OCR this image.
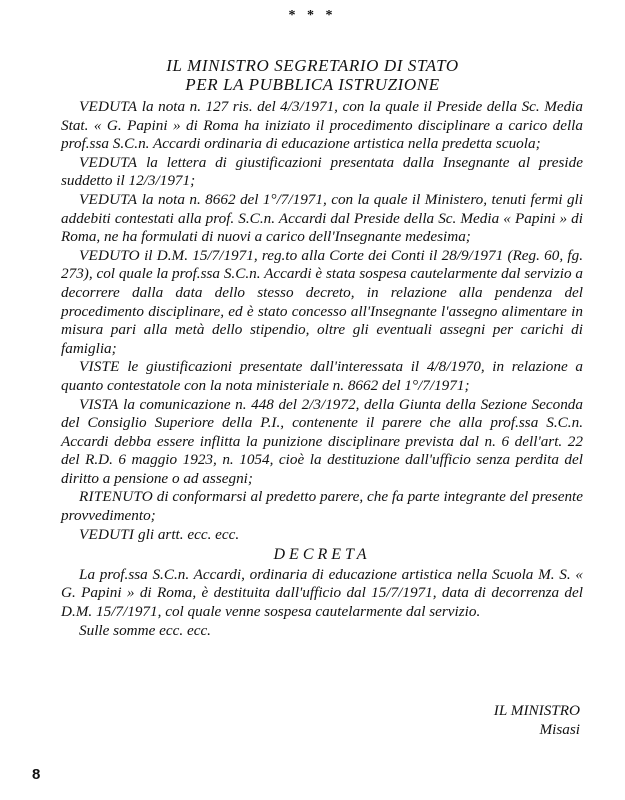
* * *
IL MINISTRO SEGRETARIO DI STATO
PER LA PUBBLICA ISTRUZIONE

VEDUTA la nota n. 127 ris. del 4/3/1971, con la quale il Preside della Sc. Media Stat. « G. Papini » di Roma ha iniziato il procedimento disciplinare a carico della prof.ssa S.C.n. Accardi ordinaria di educazione artistica nella predetta scuola;

VEDUTA la lettera di giustificazioni presentata dalla Insegnante al preside suddetto il 12/3/1971;

VEDUTA la nota n. 8662 del 1°/7/1971, con la quale il Ministero, tenuti fermi gli addebiti contestati alla prof. S.C.n. Accardi dal Preside della Sc. Media « Papini » di Roma, ne ha formulati di nuovi a carico dell'Insegnante medesima;

VEDUTO il D.M. 15/7/1971, reg.to alla Corte dei Conti il 28/9/1971 (Reg. 60, fg. 273), col quale la prof.ssa S.C.n. Accardi è stata sospesa cautelarmente dal servizio a decorrere dalla data dello stesso decreto, in relazione alla pendenza del procedimento disciplinare, ed è stato concesso all'Insegnante l'assegno alimentare in misura pari alla metà dello stipendio, oltre gli eventuali assegni per carichi di famiglia;

VISTE le giustificazioni presentate dall'interessata il 4/8/1970, in relazione a quanto contestatole con la nota ministeriale n. 8662 del 1°/7/1971;

VISTA la comunicazione n. 448 del 2/3/1972, della Giunta della Sezione Seconda del Consiglio Superiore della P.I., contenente il parere che alla prof.ssa S.C.n. Accardi debba essere inflitta la punizione disciplinare prevista dal n. 6 dell'art. 22 del R.D. 6 maggio 1923, n. 1054, cioè la destituzione dall'ufficio senza perdita del diritto a pensione o ad assegni;

RITENUTO di conformarsi al predetto parere, che fa parte integrante del presente provvedimento;

VEDUTI gli artt. ecc. ecc.

DECRETA

La prof.ssa S.C.n. Accardi, ordinaria di educazione artistica nella Scuola M. S. « G. Papini » di Roma, è destituita dall'ufficio dal 15/7/1971, data di decorrenza del D.M. 15/7/1971, col quale venne sospesa cautelarmente dal servizio.

Sulle somme ecc. ecc.

IL MINISTRO
Misasi
8
